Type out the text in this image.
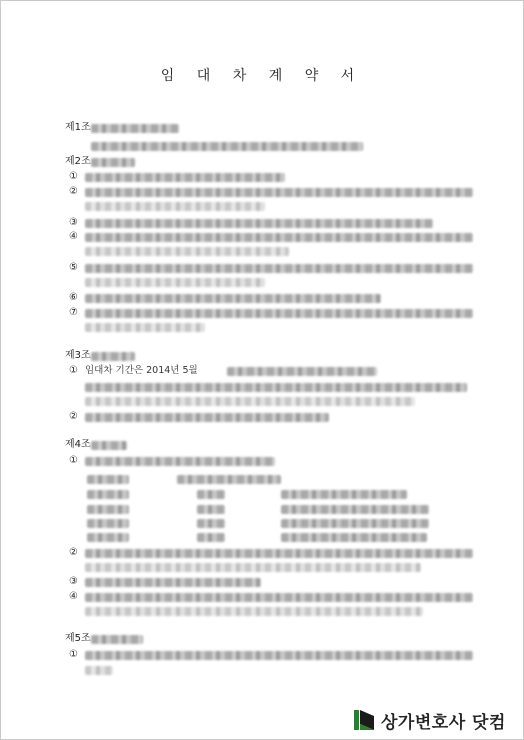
임 대 차 계 약 서
제1조
제2조
①
②
③
④
⑤
⑥
⑦
제3조
① 임대차 기간은 2014년 5월
②
제4조
①
②
③
④
제5조
①
상가변호사 닷컴
